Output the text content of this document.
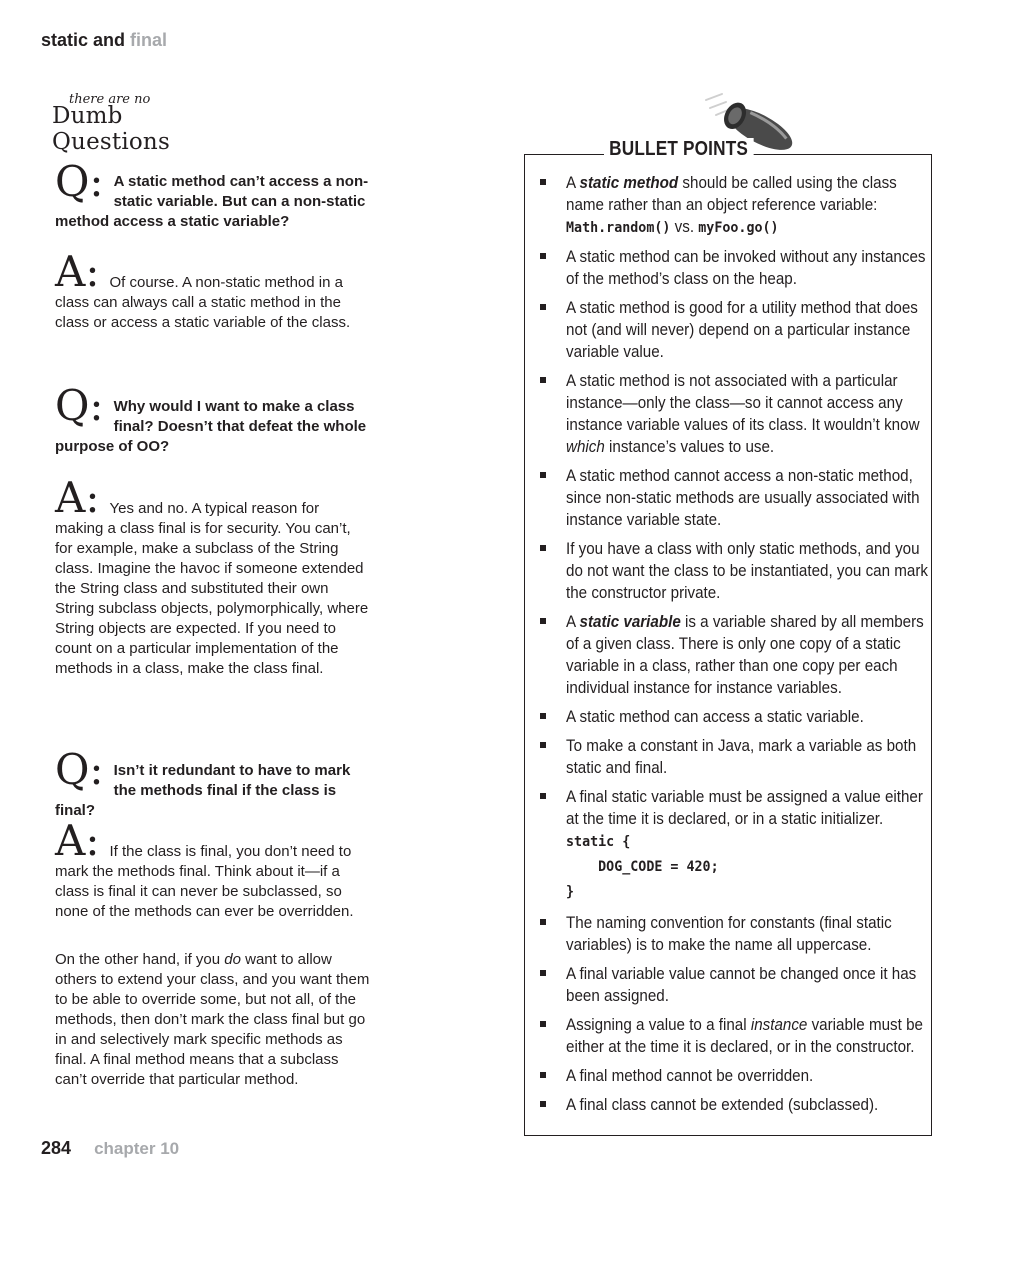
static and final
there are no
Dumb Questions
Q: A static method can’t access a non-static variable. But can a non-static method access a static variable?

A: Of course. A non-static method in a class can always call a static method in the class or access a static variable of the class.

Q: Why would I want to make a class final? Doesn’t that defeat the whole purpose of OO?

A: Yes and no. A typical reason for making a class final is for security. You can’t, for example, make a subclass of the String class. Imagine the havoc if someone extended the String class and substituted their own String subclass objects, polymorphically, where String objects are expected. If you need to count on a particular implementation of the methods in a class, make the class final.

Q: Isn’t it redundant to have to mark the methods final if the class is final?

A: If the class is final, you don’t need to mark the methods final. Think about it—if a class is final it can never be subclassed, so none of the methods can ever be overridden.

On the other hand, if you do want to allow others to extend your class, and you want them to be able to override some, but not all, of the methods, then don’t mark the class final but go in and selectively mark specific methods as final. A final method means that a subclass can’t override that particular method.

BULLET POINTS
A static method should be called using the class name rather than an object reference variable:
Math.random() vs. myFoo.go()
A static method can be invoked without any instances of the method’s class on the heap.
A static method is good for a utility method that does not (and will never) depend on a particular instance variable value.
A static method is not associated with a particular instance—only the class—so it cannot access any instance variable values of its class. It wouldn’t know which instance’s values to use.
A static method cannot access a non-static method, since non-static methods are usually associated with instance variable state.
If you have a class with only static methods, and you do not want the class to be instantiated, you can mark the constructor private.
A static variable is a variable shared by all members of a given class. There is only one copy of a static variable in a class, rather than one copy per each individual instance for instance variables.
A static method can access a static variable.
To make a constant in Java, mark a variable as both static and final.
A final static variable must be assigned a value either at the time it is declared, or in a static initializer.
static {
DOG_CODE = 420;
}
The naming convention for constants (final static variables) is to make the name all uppercase.
A final variable value cannot be changed once it has been assigned.
Assigning a value to a final instance variable must be either at the time it is declared, or in the constructor.
A final method cannot be overridden.
A final class cannot be extended (subclassed).
284 chapter 10
